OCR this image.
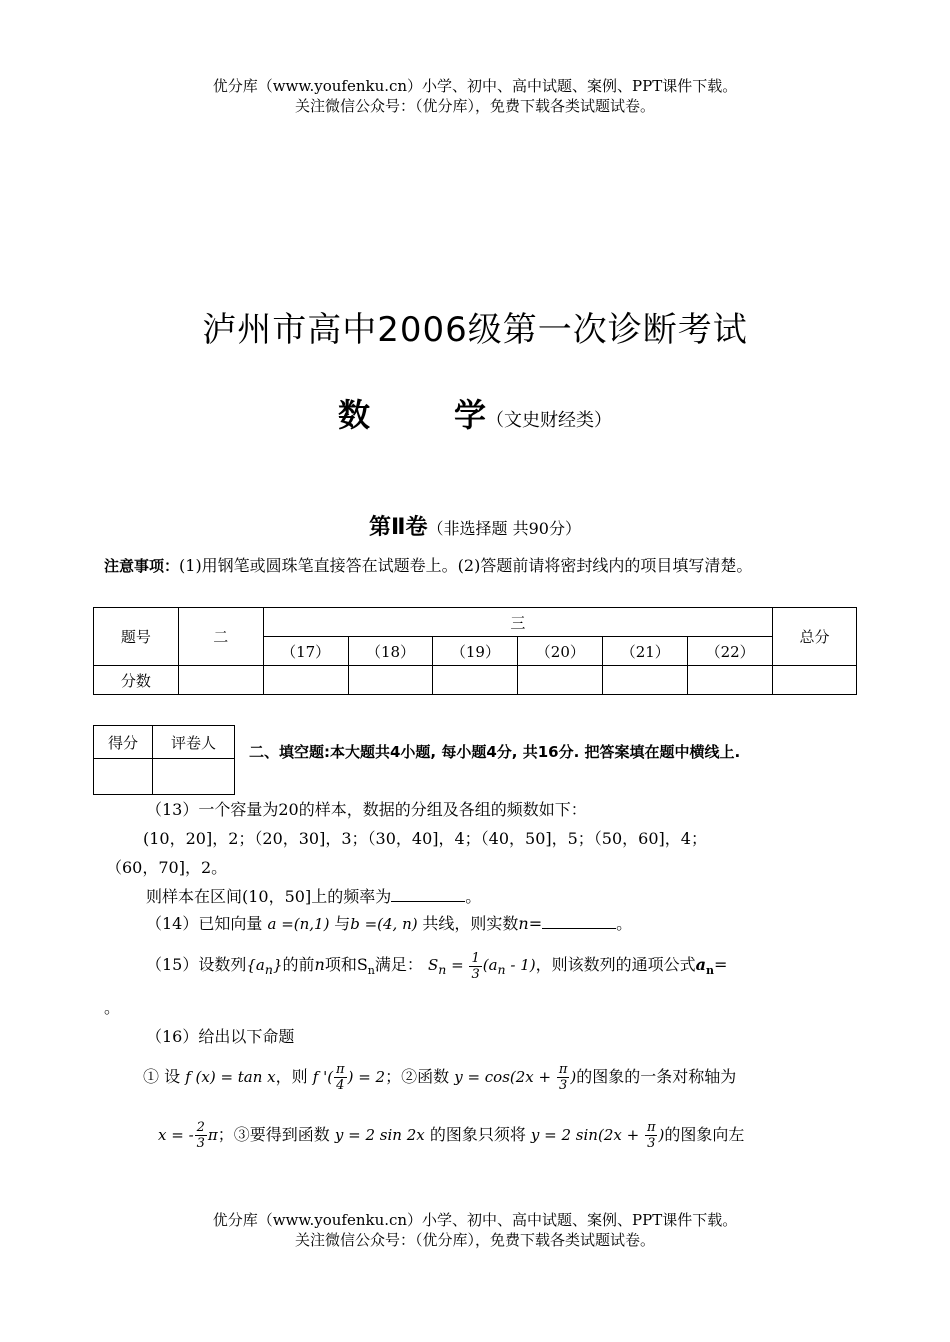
优分库（www.youfenku.cn）小学、初中、高中试题、案例、PPT课件下载。
关注微信公众号：（优分库），免费下载各类试题试卷。
泸州市高中2006级第一次诊断考试
数	学（文史财经类）
第Ⅱ卷（非选择题 共90分）
注意事项：(1)用钢笔或圆珠笔直接答在试题卷上。(2)答题前请将密封线内的项目填写清楚。
题号	二	三						总分
		（17）	（18）	（19）	（20）	（21）	（22）	
分数								
得分	评卷人

二、填空题:本大题共4小题, 每小题4分, 共16分. 把答案填在题中横线上.
（13）一个容量为20的样本，数据的分组及各组的频数如下：
(10，20]，2；（20，30]，3；（30，40]，4；（40，50]，5；（50，60]，4；
（60，70]，2。
则样本在区间(10，50]上的频率为	。
（14）已知向量 a =(n,1) 与b =(4, n) 共线，则实数n=	。
（15）设数列$\{a_n\}$的前n项和$S_n$满足： $S_n = \frac{1}{3} (a_n - 1)$，则该数列的通项公式$a_n=$
。
（16）给出以下命题
① 设 f (x) = tan x，则 f '( $\frac{\pi}{4}$ ) = 2；②函数 $y = \cos(2x + \frac{\pi}{3}$ )的图象的一条对称轴为
x = - $\frac{2}{3}$ π；③要得到函数 y = 2 sin 2x 的图象只须将 y = 2 $\sin(2x + \frac{\pi}{3}$ )的图象向左
优分库（www.youfenku.cn）小学、初中、高中试题、案例、PPT课件下载。
关注微信公众号：（优分库），免费下载各类试题试卷。
